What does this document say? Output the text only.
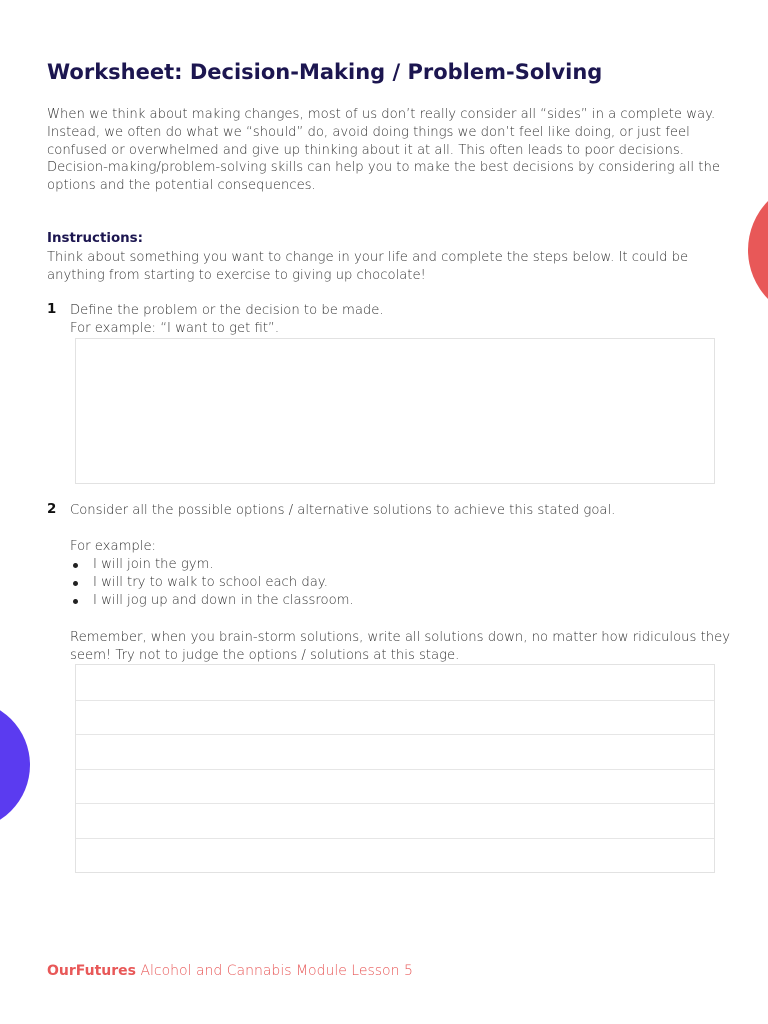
Worksheet: Decision-Making / Problem-Solving

When we think about making changes, most of us don’t really consider all “sides” in a complete way. Instead, we often do what we “should” do, avoid doing things we don’t feel like doing, or just feel confused or overwhelmed and give up thinking about it at all. This often leads to poor decisions. Decision-making/problem-solving skills can help you to make the best decisions by considering all the options and the potential consequences.

Instructions:

Think about something you want to change in your life and complete the steps below. It could be anything from starting to exercise to giving up chocolate!

1 Define the problem or the decision to be made.
For example: “I want to get fit”.
2 Consider all the possible options / alternative solutions to achieve this stated goal.
For example:
I will join the gym.
I will try to walk to school each day.
I will jog up and down in the classroom.
Remember, when you brain-storm solutions, write all solutions down, no matter how ridiculous they seem! Try not to judge the options / solutions at this stage.
OurFutures Alcohol and Cannabis Module Lesson 5
